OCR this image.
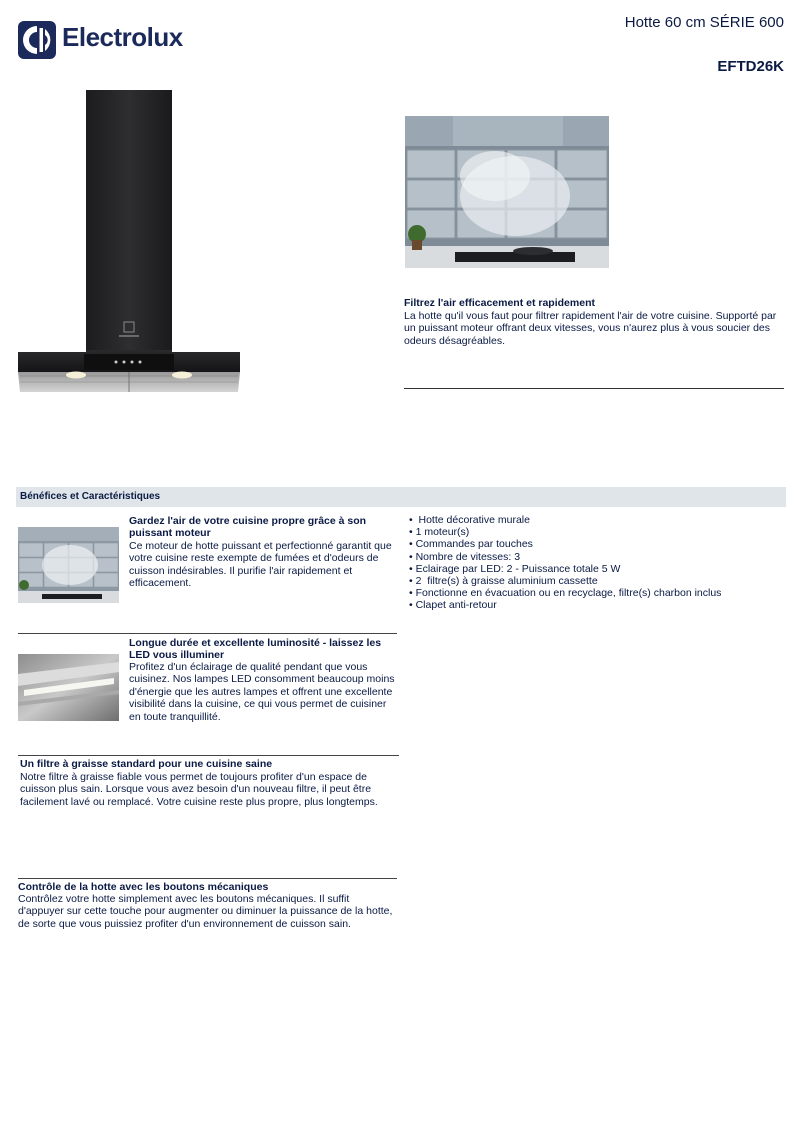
Electrolux	Hotte 60 cm SÉRIE 600
EFTD26K
Filtrez l'air efficacement et rapidement
La hotte qu'il vous faut pour filtrer rapidement l'air de votre cuisine. Supporté par un puissant moteur offrant deux vitesses, vous n'aurez plus à vous soucier des odeurs désagréables.
Bénéfices et Caractéristiques
Gardez l'air de votre cuisine propre grâce à son puissant moteur
Ce moteur de hotte puissant et perfectionné garantit que votre cuisine reste exempte de fumées et d'odeurs de cuisson indésirables. Il purifie l'air rapidement et efficacement.
Longue durée et excellente luminosité - laissez les LED vous illuminer
Profitez d'un éclairage de qualité pendant que vous cuisinez. Nos lampes LED consomment beaucoup moins d'énergie que les autres lampes et offrent une excellente visibilité dans la cuisine, ce qui vous permet de cuisiner en toute tranquillité.
Un filtre à graisse standard pour une cuisine saine
Notre filtre à graisse fiable vous permet de toujours profiter d'un espace de cuisson plus sain. Lorsque vous avez besoin d'un nouveau filtre, il peut être facilement lavé ou remplacé. Votre cuisine reste plus propre, plus longtemps.
Contrôle de la hotte avec les boutons mécaniques
Contrôlez votre hotte simplement avec les boutons mécaniques. Il suffit d'appuyer sur cette touche pour augmenter ou diminuer la puissance de la hotte, de sorte que vous puissiez profiter d'un environnement de cuisson sain.
•  Hotte décorative murale
• 1 moteur(s)
• Commandes par touches
• Nombre de vitesses: 3
• Eclairage par LED: 2 - Puissance totale 5 W
• 2  filtre(s) à graisse aluminium cassette
• Fonctionne en évacuation ou en recyclage, filtre(s) charbon inclus
• Clapet anti-retour
